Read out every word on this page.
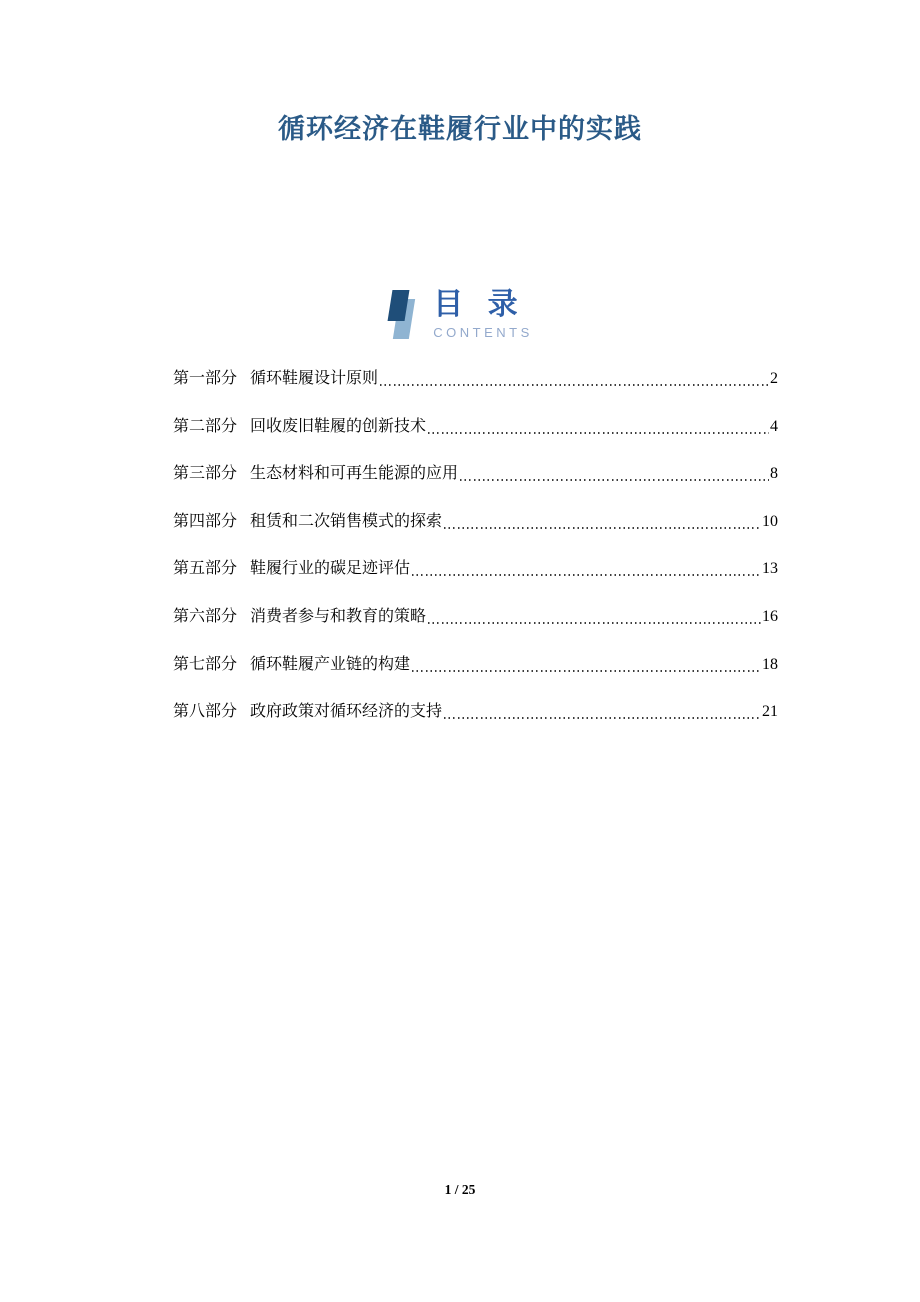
循环经济在鞋履行业中的实践
目 录
CONTENTS
第一部分 循环鞋履设计原则	2
第二部分 回收废旧鞋履的创新技术	4
第三部分 生态材料和可再生能源的应用	8
第四部分 租赁和二次销售模式的探索	10
第五部分 鞋履行业的碳足迹评估	13
第六部分 消费者参与和教育的策略	16
第七部分 循环鞋履产业链的构建	18
第八部分 政府政策对循环经济的支持	21
1 / 25
